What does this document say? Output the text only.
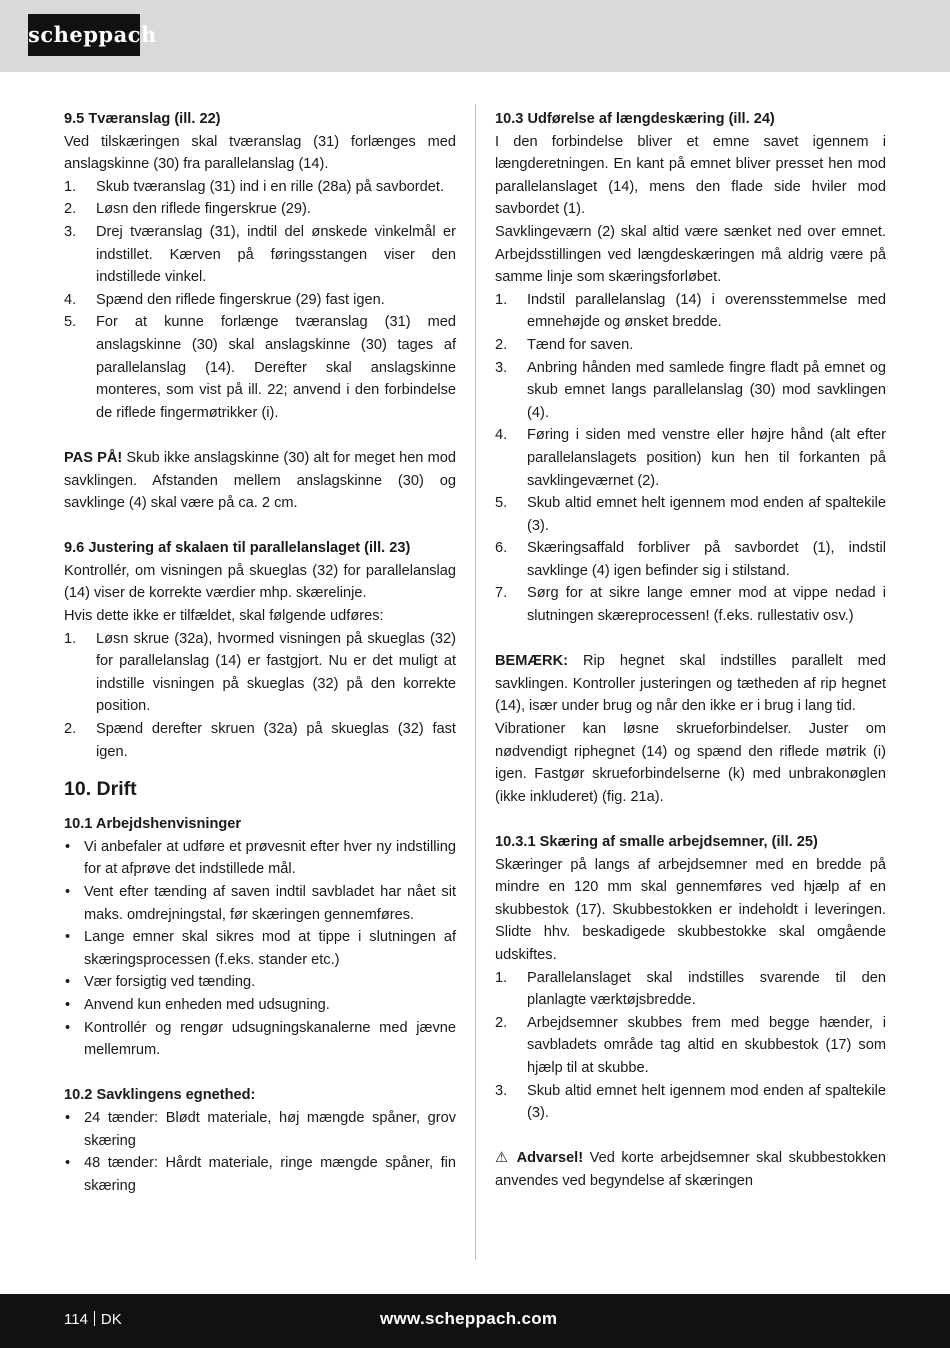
scheppach
9.5 Tværanslag (ill. 22)

Ved tilskæringen skal tværanslag (31) forlænges med anslagskinne (30) fra parallelanslag (14).

1. Skub tværanslag (31) ind i en rille (28a) på savbordet.
2. Løsn den riflede fingerskrue (29).
3. Drej tværanslag (31), indtil del ønskede vinkelmål er indstillet. Kærven på føringsstangen viser den indstillede vinkel.
4. Spænd den riflede fingerskrue (29) fast igen.
5. For at kunne forlænge tværanslag (31) med anslagskinne (30) skal anslagskinne (30) tages af parallelanslag (14). Derefter skal anslagskinne monteres, som vist på ill. 22; anvend i den forbindelse de riflede fingermøtrikker (i).

PAS PÅ! Skub ikke anslagskinne (30) alt for meget hen mod savklingen. Afstanden mellem anslagskinne (30) og savklinge (4) skal være på ca. 2 cm.

9.6 Justering af skalaen til parallelanslaget (ill. 23)

Kontrollér, om visningen på skueglas (32) for parallelanslag (14) viser de korrekte værdier mhp. skærelinje.

Hvis dette ikke er tilfældet, skal følgende udføres:

1. Løsn skrue (32a), hvormed visningen på skueglas (32) for parallelanslag (14) er fastgjort. Nu er det muligt at indstille visningen på skueglas (32) på den korrekte position.
2. Spænd derefter skruen (32a) på skueglas (32) fast igen.
10. Drift
10.1 Arbejdshenvisninger
• Vi anbefaler at udføre et prøvesnit efter hver ny indstilling for at afprøve det indstillede mål.
• Vent efter tænding af saven indtil savbladet har nået sit maks. omdrejningstal, før skæringen gennemføres.
• Lange emner skal sikres mod at tippe i slutningen af skæringsprocessen (f.eks. stander etc.)
• Vær forsigtig ved tænding.
• Anvend kun enheden med udsugning.
• Kontrollér og rengør udsugningskanalerne med jævne mellemrum.
10.2 Savklingens egnethed:
• 24 tænder: Blødt materiale, høj mængde spåner, grov skæring
• 48 tænder: Hårdt materiale, ringe mængde spåner, fin skæring
10.3 Udførelse af længdeskæring (ill. 24)

I den forbindelse bliver et emne savet igennem i længderetningen. En kant på emnet bliver presset hen mod parallelanslaget (14), mens den flade side hviler mod savbordet (1).

Savklingeværn (2) skal altid være sænket ned over emnet. Arbejdsstillingen ved længdeskæringen må aldrig være på samme linje som skæringsforløbet.

1. Indstil parallelanslag (14) i overensstemmelse med emnehøjde og ønsket bredde.
2. Tænd for saven.
3. Anbring hånden med samlede fingre fladt på emnet og skub emnet langs parallelanslag (30) mod savklingen (4).
4. Føring i siden med venstre eller højre hånd (alt efter parallelanslagets position) kun hen til forkanten på savklingeværnet (2).
5. Skub altid emnet helt igennem mod enden af spaltekile (3).
6. Skæringsaffald forbliver på savbordet (1), indstil savklinge (4) igen befinder sig i stilstand.
7. Sørg for at sikre lange emner mod at vippe nedad i slutningen skæreprocessen! (f.eks. rullestativ osv.)

BEMÆRK: Rip hegnet skal indstilles parallelt med savklingen. Kontroller justeringen og tætheden af rip hegnet (14), især under brug og når den ikke er i brug i lang tid.

Vibrationer kan løsne skrueforbindelser. Juster om nødvendigt riphegnet (14) og spænd den riflede møtrik (i) igen. Fastgør skrueforbindelserne (k) med unbrakonøglen (ikke inkluderet) (fig. 21a).

10.3.1 Skæring af smalle arbejdsemner, (ill. 25)

Skæringer på langs af arbejdsemner med en bredde på mindre en 120 mm skal gennemføres ved hjælp af en skubbestok (17). Skubbestokken er indeholdt i leveringen. Slidte hhv. beskadigede skubbestokke skal omgående udskiftes.

1. Parallelanslaget skal indstilles svarende til den planlagte værktøjsbredde.
2. Arbejdsemner skubbes frem med begge hænder, i savbladets område tag altid en skubbestok (17) som hjælp til at skubbe.
3. Skub altid emnet helt igennem mod enden af spaltekile (3).

⚠ Advarsel! Ved korte arbejdsemner skal skubbestokken anvendes ved begyndelse af skæringen

114 DK	www.scheppach.com
